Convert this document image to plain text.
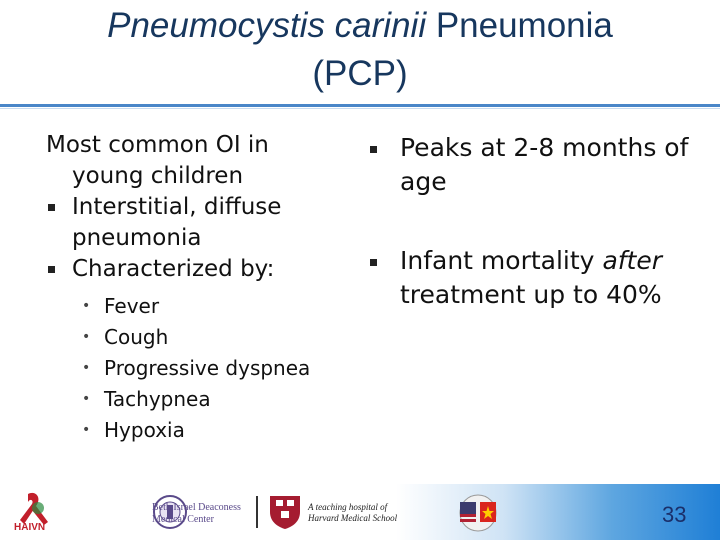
Pneumocystis carinii Pneumonia
(PCP)

Most common OI in
young children

Interstitial, diffuse
pneumonia
Characterized by:
• Fever
• Cough
• Progressive dyspnea
• Tachypnea
• Hypoxia
Peaks at 2-8 months of age
Infant mortality after treatment up to 40%
HAIVN
Beth Israel Deaconess
Medical Center
A teaching hospital of
Harvard Medical School	33
